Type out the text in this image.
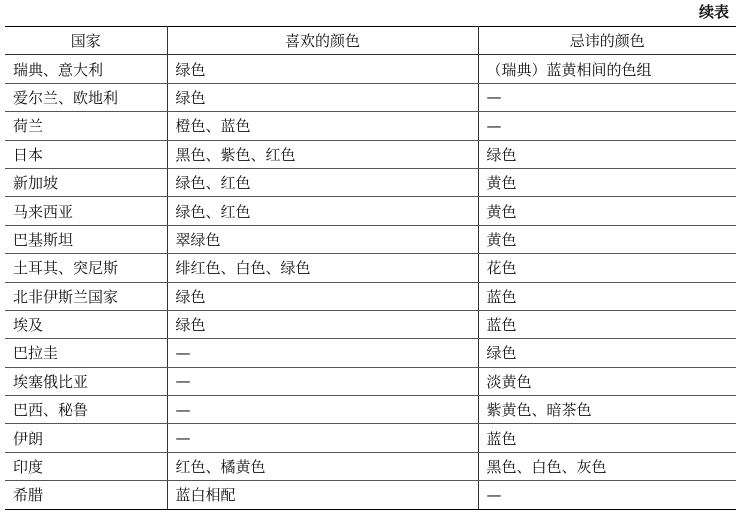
续表
国家	喜欢的颜色	忌讳的颜色
瑞典、意大利	绿色	（瑞典）蓝黄相间的色组
爱尔兰、欧地利	绿色	—
荷兰	橙色、蓝色	—
日本	黑色、紫色、红色	绿色
新加坡	绿色、红色	黄色
马来西亚	绿色、红色	黄色
巴基斯坦	翠绿色	黄色
土耳其、突尼斯	绯红色、白色、绿色	花色
北非伊斯兰国家	绿色	蓝色
埃及	绿色	蓝色
巴拉圭	—	绿色
埃塞俄比亚	—	淡黄色
巴西、秘鲁	—	紫黄色、暗茶色
伊朗	—	蓝色
印度	红色、橘黄色	黑色、白色、灰色
希腊	蓝白相配	—
